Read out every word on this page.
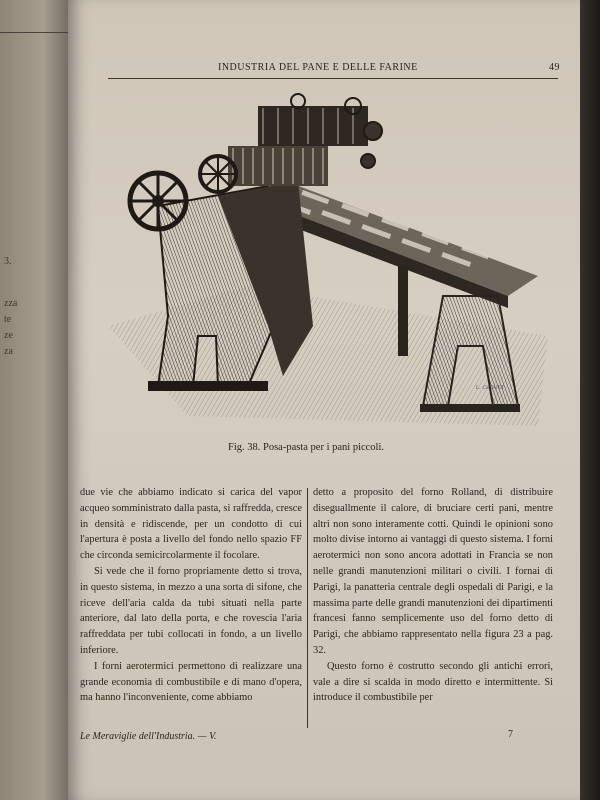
3.
zza
te
ze
za
INDUSTRIA DEL PANE E DELLE FARINE	49
L. CHOUET
Fig. 38. Posa-pasta per i pani piccoli.

due vie che abbiamo indicato si carica del vapor acqueo somministrato dalla pasta, si raffredda, cresce in densità e ridiscende, per un condotto di cui l'apertura è posta a livello del fondo nello spazio FF che circonda semicircolarmente il focolare.

Si vede che il forno propriamente detto si trova, in questo sistema, in mezzo a una sorta di sifone, che riceve dell'aria calda da tubi situati nella parte anteriore, dal lato della porta, e che rovescia l'aria raffreddata per tubi collocati in fondo, a un livello inferiore.

I forni aerotermici permettono di realizzare una grande economia di combustibile e di mano d'opera, ma hanno l'inconveniente, come abbiamo

detto a proposito del forno Rolland, di distribuire diseguallmente il calore, di bruciare certi pani, mentre altri non sono interamente cotti. Quindi le opinioni sono molto divise intorno ai vantaggi di questo sistema. I forni aerotermici non sono ancora adottati in Francia se non nelle grandi manutenzioni militari o civili. I fornai di Parigi, la panatteria centrale degli ospedali di Parigi, e la massima parte delle grandi manutenzioni dei dipartimenti francesi fanno semplicemente uso del forno detto di Parigi, che abbiamo rappresentato nella figura 23 a pag. 32.

Questo forno è costrutto secondo gli antichi errori, vale a dire si scalda in modo diretto e intermittente. Si introduce il combustibile per

Le Meraviglie dell'Industria. — V.	7
